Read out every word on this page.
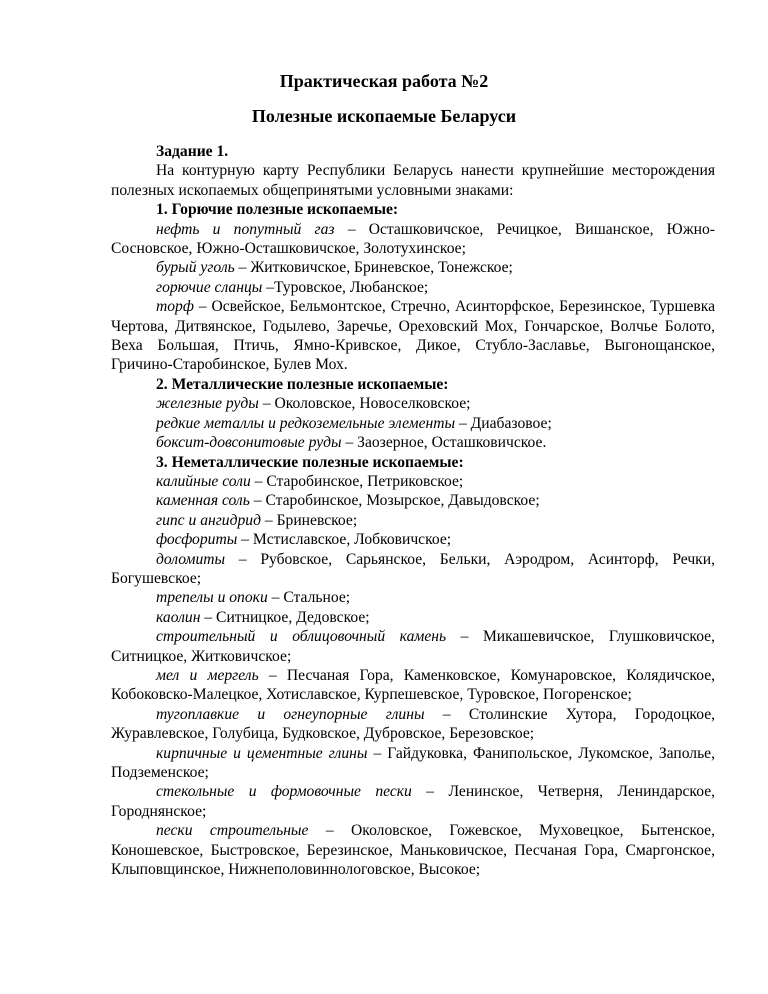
Практическая работа №2
Полезные ископаемые Беларуси

Задание 1.

На контурную карту Республики Беларусь нанести крупнейшие месторождения полезных ископаемых общепринятыми условными знаками:

1. Горючие полезные ископаемые:

нефть и попутный газ – Осташковичское, Речицкое, Вишанское, Южно-Сосновское, Южно-Осташковичское, Золотухинское;

бурый уголь – Житковичское, Бриневское, Тонежское;

горючие сланцы –Туровское, Любанское;

торф – Освейское, Бельмонтское, Стречно, Асинторфское, Березинское, Туршевка Чертова, Дитвянское, Годылево, Заречье, Ореховский Мох, Гончарское, Волчье Болото, Веха Большая, Птичь, Ямно-Кривское, Дикое, Стубло-Заславье, Выгонощанское, Гричино-Старобинское, Булев Мох.

2. Металлические полезные ископаемые:

железные руды – Околовское, Новоселковское;

редкие металлы и редкоземельные элементы – Диабазовое;

боксит-довсонитовые руды – Заозерное, Осташковичское.

3. Неметаллические полезные ископаемые:

калийные соли – Старобинское, Петриковское;

каменная соль – Старобинское, Мозырское, Давыдовское;

гипс и ангидрид – Бриневское;

фосфориты – Мстиславское, Лобковичское;

доломиты – Рубовское, Сарьянское, Бельки, Аэродром, Асинторф, Речки, Богушевское;

трепелы и опоки – Стальное;

каолин – Ситницкое, Дедовское;

строительный и облицовочный камень – Микашевичское, Глушковичское, Ситницкое, Житковичское;

мел и мергель – Песчаная Гора, Каменковское, Комунаровское, Колядичское, Кобоковско-Малецкое, Хотиславское, Курпешевское, Туровское, Погоренское;

тугоплавкие и огнеупорные глины – Столинские Хутора, Городоцкое, Журавлевское, Голубица, Будковское, Дубровское, Березовское;

кирпичные и цементные глины – Гайдуковка, Фанипольское, Лукомское, Заполье, Подземенское;

стекольные и формовочные пески – Ленинское, Четверня, Лениндарское, Городнянское;

пески строительные – Околовское, Гожевское, Муховецкое, Бытенское, Коношевское, Быстровское, Березинское, Маньковичское, Песчаная Гора, Смаргонское, Клыповщинское, Нижнеполовиннологовское, Высокое;
